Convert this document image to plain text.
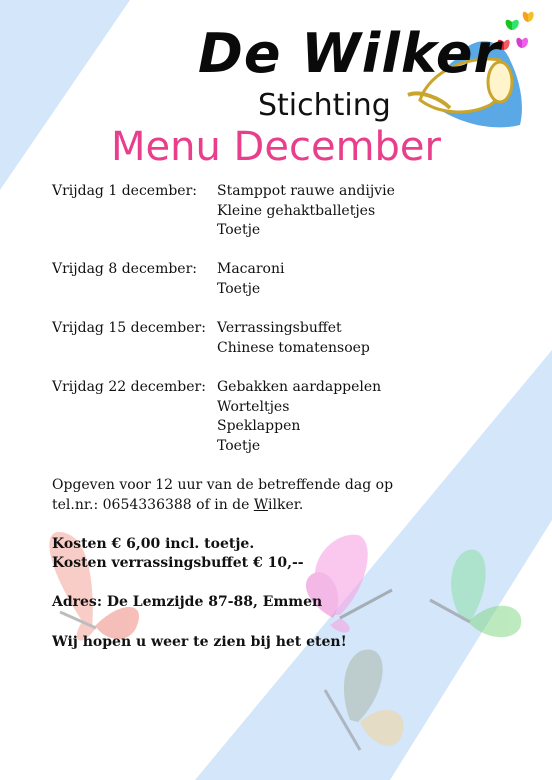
De Wilker
Stichting
Menu December
Vrijdag 1 december:	Stamppot rauwe andijvie
Kleine gehaktballetjes
Toetje
Vrijdag 8 december:	Macaroni
Toetje
Vrijdag 15 december: Verrassingsbuffet
Chinese tomatensoep
Vrijdag 22 december: Gebakken aardappelen
Worteltjes
Speklappen
Toetje
Opgeven voor 12 uur van de betreffende dag op
tel.nr.: 0654336388 of in de Wilker.
Kosten € 6,00 incl. toetje.
Kosten verrassingsbuffet € 10,--
Adres: De Lemzijde 87-88, Emmen
Wij hopen u weer te zien bij het eten!
